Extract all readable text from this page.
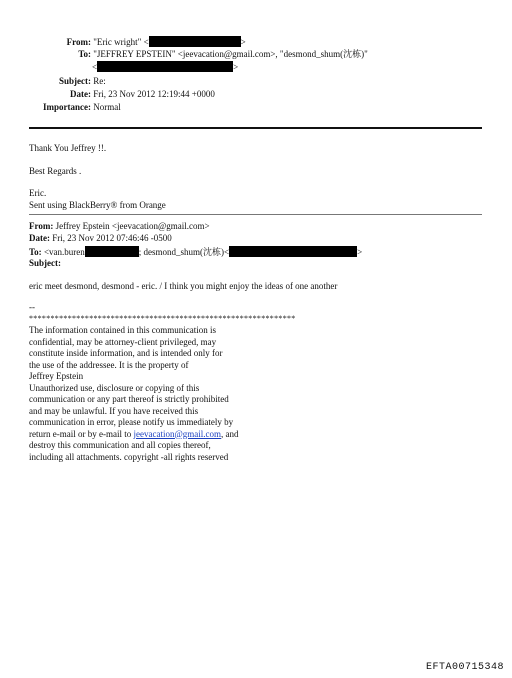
From: "Eric wright" <	>
To: "JEFFREY EPSTEIN" <jeevacation@gmail.com>, "desmond_shum(沈栋)"
<	>
Subject: Re:
Date: Fri, 23 Nov 2012 12:19:44 +0000
Importance: Normal
Thank You Jeffrey !!.
Best Regards .
Eric.
Sent using BlackBerry® from Orange
From: Jeffrey Epstein <jeevacation@gmail.com>
Date: Fri, 23 Nov 2012 07:46:46 -0500
To: <van.buren	; desmond_shum(沈栋)<	>
Subject:
eric meet desmond, desmond - eric. / I think you might enjoy the ideas of one another
--
**************************************************************
The information contained in this communication is
confidential, may be attorney-client privileged, may
constitute inside information, and is intended only for
the use of the addressee. It is the property of
Jeffrey Epstein
Unauthorized use, disclosure or copying of this
communication or any part thereof is strictly prohibited
and may be unlawful. If you have received this
communication in error, please notify us immediately by
return e-mail or by e-mail to jeevacation@gmail.com, and
destroy this communication and all copies thereof,
including all attachments. copyright -all rights reserved
EFTA00715348
